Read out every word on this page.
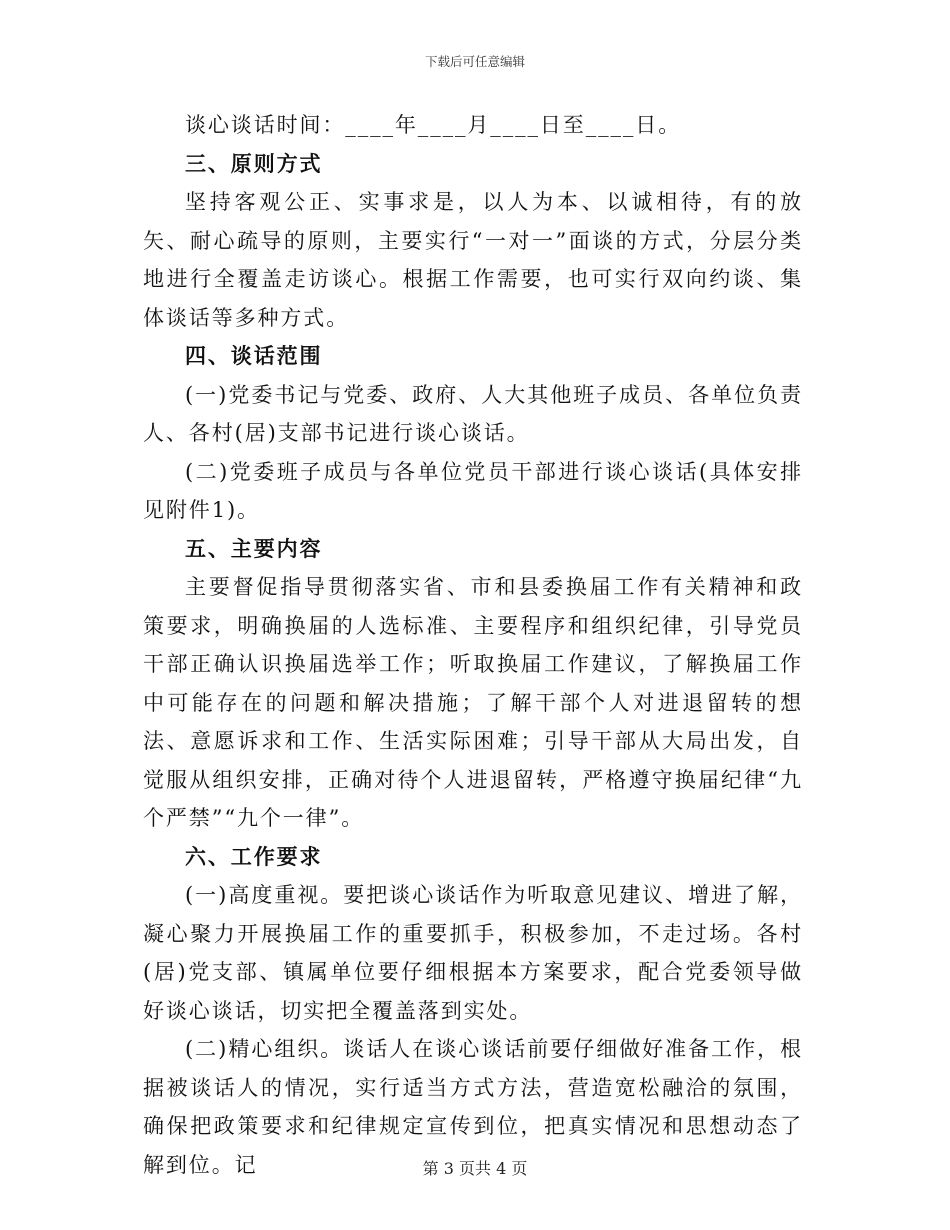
下载后可任意编辑

谈心谈话时间：____年____月____日至____日。

三、原则方式

坚持客观公正、实事求是，以人为本、以诚相待，有的放矢、耐心疏导的原则，主要实行“一对一”面谈的方式，分层分类地进行全覆盖走访谈心。根据工作需要，也可实行双向约谈、集体谈话等多种方式。

四、谈话范围

(一)党委书记与党委、政府、人大其他班子成员、各单位负责人、各村(居)支部书记进行谈心谈话。

(二)党委班子成员与各单位党员干部进行谈心谈话(具体安排见附件1)。

五、主要内容

主要督促指导贯彻落实省、市和县委换届工作有关精神和政策要求，明确换届的人选标准、主要程序和组织纪律，引导党员干部正确认识换届选举工作；听取换届工作建议，了解换届工作中可能存在的问题和解决措施；了解干部个人对进退留转的想法、意愿诉求和工作、生活实际困难；引导干部从大局出发，自觉服从组织安排，正确对待个人进退留转，严格遵守换届纪律“九个严禁”“九个一律”。

六、工作要求

(一)高度重视。要把谈心谈话作为听取意见建议、增进了解，凝心聚力开展换届工作的重要抓手，积极参加，不走过场。各村(居)党支部、镇属单位要仔细根据本方案要求，配合党委领导做好谈心谈话，切实把全覆盖落到实处。

(二)精心组织。谈话人在谈心谈话前要仔细做好准备工作，根据被谈话人的情况，实行适当方式方法，营造宽松融洽的氛围，确保把政策要求和纪律规定宣传到位，把真实情况和思想动态了解到位。记	第 3 页共 4 页
